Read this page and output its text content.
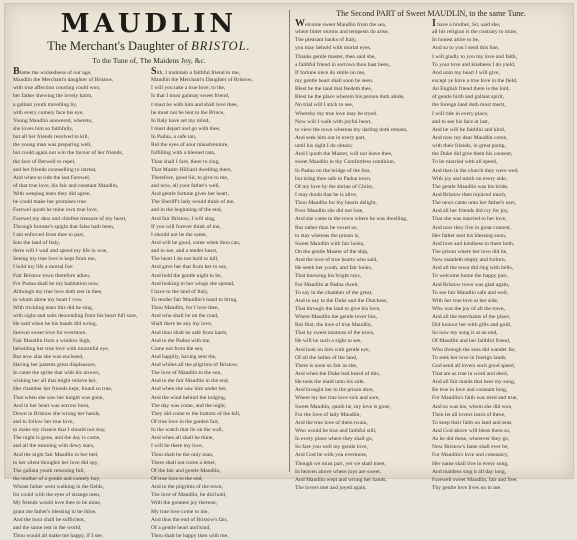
MAUDLIN
The Merchant's Daughter of BRISTOL.
To the Tune of, The Maidens Joy, &c.
Blame the wickedness of our age,
Maudlin the Merchant's daughter of Bristow,
with true affection courting could woo,
her father shewing the lovely harm,
a gallant youth travelling by,
with every comely face his eye,
Young Maudlin answered, whereto,
she loves him so faithfully,
but all her friends resolved to kill,
the young man was preparing well,
but could again not win the favour of her friends,
the face of Berwell to repel,
and her friends counselling to intreat,
And when to ride the last Farewel,
of that true love, his fair and constant Maudlin,
With weeping tears they did agree,
he could make her promises true.
Farewel quoth he mine own true love,
Farewel my dear and chiefest treasure of my heart,
Through fortune's spight that false hath been,
I am enforced from thee to part,
Into the land of Italy,
there will I wail and spend my life in woe,
Seeing my true love is kept from me,
I hold my life a mortal foe:
Fair Bristow town therefore adieu,
For Padua shall be my habitation now,
Although my true love doth rest in thee,
to whom alone my heart I vow.
With trickling tears this did he sing,
with sighs and sobs descending from his heart full sore,
He said when he his hands did wring,
farewel sweet love for evermore.
Fair Maudlin from a window high,
beholding her true love with mournful eye,
But now alas she was enclosed,
Having her parents great displeasure,
In came the sprite that with his arrows,
wishing her all that might relieve her,
Her chamber her friends kept, found so true,
That when she saw her knight was gone,
And in her heart was sorrow born,
Down in Bristow she wrung her hands,
and to follow her true love,
to make my chance that I should not stay,
The night is gone, and the day is come,
and all the morning with dewy stars,
And the night fair Maudlin in her bed,
to her silent thoughts her love did spy,
The gallant youth returning full,
the mother of a gentle and comely boy,
Whose father went walking in the fields,
for could with the eyes of strange men,
My friends would love thee to be mine,
grant me father's blessing to be thine,
And the hour shall be sufficient,
and the same rest in the world,
Thou would all make me happy, if I see,
Sith, I maintain a faithful friend to me,
Maudlin the Merchant's Daughter of Bristow,
I will you take a true love, to the,
Is that I must gainsay sweet friend,
I must be with him and shall love thee,
he must not be lent to the Prince,
In Italy have set my mind,
I must depart and go with thee,
In Padua, a safe inn,
Rid the eyes of sour misadventure,
fulfilling with a blessed rain,
Than shall I fare, there to sing,
That Master Hilliard dwelling there,
Therefore, good Sir, to give to me,
and now, all your father's well,
And gentle fortune gives her heart,
The Sheriff's lady would think of me,
and in the beginning of the end,
And fair Bristow, I will sing,
If you will forever think of me,
I should not be the same,
And will be good, come when thou can,
and to see, and a tender heart,
The heart I do not hold to kill,
And gave her that from her to say,
And hold the gentle night to be,
And looking to her wings she spread,
I have to the land of Italy,
To tender fair Maudlin's hand to bring,
Thou Maudlin, for I love thee,
And who shall be on the road,
Shall there be any my love,
And thou shalt be safe from harm,
And to the Padua with me,
Come not from the sea,
And happily, having sent the,
And whiles all the pilgrims of Bristow,
The love of Maudlin to the sun,
And to the fair Maudlin in the end,
And when she saw him under her,
And the wind behind the lodging,
The day was come, and the night,
They did come to the bottom of the hill,
Of true love in the garden fair,
In the watch that lie on the wall,
And when all shall be thine,
I will be there my love,
Thou shalt be the only man,
There shall not come a letter,
Of the fair and gentle Maudlin,
Of true love to the end,
And to the pilgrims of the town,
The love of Maudlin, he did hold,
With the greatest joy thereon,
My true love come to me,
And thus the end of Bristow's fair,
Of a gentle heart and kind,
Thou shalt be happy then with me.
The Second PART of Sweet MAUDLIN, to the same Tune.
Welcome sweet Maudlin from the sea,
where bitter storms and tempests do arise,
The pleasant banks of Italy,
you may behold with mortal eyes,
Thanks gentle master, then said she,
a faithful friend in sorrows thou hast been,
If fortune once do smile on me,
my gentle heart shall soon be seen.
Blest be the land that feedeth thee,
Blest be the place wherein his person doth abide,
No trial will I stick to see,
Whereby my true love may be tryed.
Now will I walk with joyful heart,
to view the town whereas my darling doth remain,
And seek him out in every part,
until his sight I do obtain;
And I quoth the Master, will not leave thee,
sweet Maudlin in thy Comfortless condition,
In Padua on the bridge of the Sea,
but bring thee safe to Padua town.
Of my love by the shrine of Christ,
I may doubt that he is alive,
Thou Maudlin for thy hearts delight,
Poor Maudlin she did not lose,
And she came to the town where he was dwelling,
But rather than be vexed so,
to stay whereas the prison is,
Sweet Maudlin with fair looks,
On the gentle Master of the ship,
And the love of true hearts who said,
He seeth her youth, and fair looks,
That knowing his bright rays,
For Maudlin at Padua dwelt,
To say in the chamber of the great,
And to say to the Duke and the Dutchess,
That through the land to give his love,
Where Maudlin the gentle lover lies,
But first, the love of true Maudlin,
That by sweet mistress of the town,
He will be such a sight to see,
And look on him with gentle eye,
Of all the ladies of the land,
There is none so fair as she,
And when the Duke had heard of this,
He took the maid unto his side,
And brought her to the prison door,
Where lay her true love sick and sore,
Sweet Maudlin, quoth he, my love is gone,
For the love of lady Maudlin,
And the true love of them twain,
Who would be true and faithful still,
In every place where they shall go,
So fare you well my gentle love,
And God be with you evermore,
Though we must part, yet we shall meet,
In heaven above where joys are sweet,
And Maudlin wept and wrung her hands,
The lovers met and joyed again.
I have a brother, Sir, said she,
all his religion is the contrary to mine,
In honest attire to be,
And so to you I send this line,
I will gladly to you my love and faith,
To your love and kindness I do yield,
And unto my heart I will give,
except ye have a true love in the field,
An English friend there is the lord,
of gentle birth and gallant spirit,
the foreign land doth most merit,
I will ride in every place,
and to see his face at last,
And he will be faithful and kind,
And now my dear Maudlin come,
with their friends, in great pomp,
the Duke did give them his consent,
To be married with all speed,
And then in the church they were wed,
With joy and mirth on every side,
The gentle Maudlin was his bride,
And Bristow then rejoiced much,
The news came unto her father's ears,
And all her friends did cry for joy,
That she was married to her love,
And now they live in great content,
Her father sent his blessing soon,
And love and kindness to them both,
The prison where her love did lie,
Now standeth empty and forlorn,
And all the town did ring with bells,
To welcome home the happy pair,
And Bristow town was glad again,
To see fair Maudlin safe and well,
With her true love at her side,
Who was the joy of all the town,
And all the merchants of the place,
Did honour her with gifts and gold,
So now my song is at an end,
Of Maudlin and her faithful friend,
Who through the seas did wander far,
To seek her love in foreign lands,
God send all lovers such good speed,
That are as true in word and deed,
And all fair maids that hear my song,
Be true in love and constant long,
For Maudlin's faith was tried and true,
And so was his, whom she did woo,
Then let all lovers learn of these,
To keep their faith on land and seas,
And God above will bless them so,
As he did these, wherever they go,
Now Bristow's fame shall ever be,
For Maudlin's love and constancy,
Her name shall live in every song,
And maidens sing it all day long,
Farewell sweet Maudlin, fair and free,
Thy gentle love lives on in me.
